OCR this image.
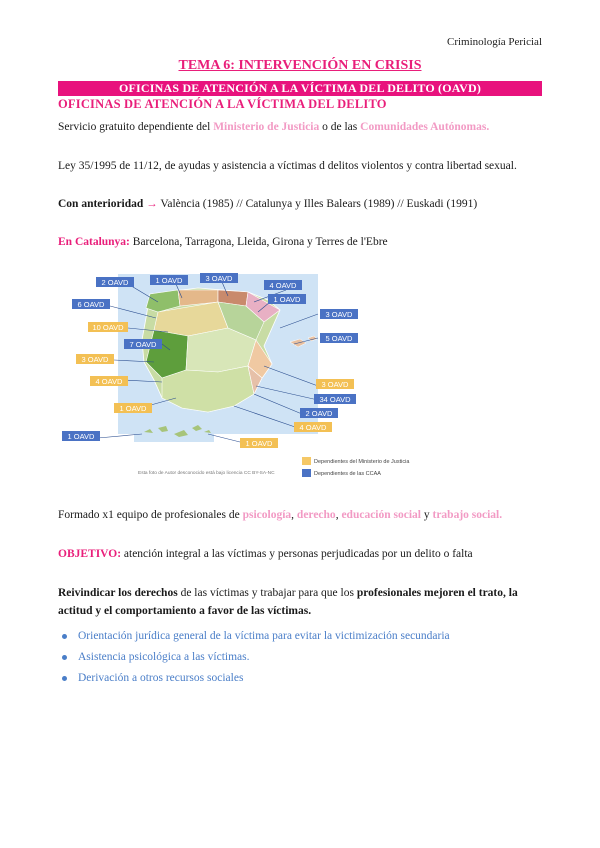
Criminología Pericial
TEMA 6: INTERVENCIÓN EN CRISIS
OFICINAS DE ATENCIÓN A LA VÍCTIMA DEL DELITO (OAVD)
OFICINAS DE ATENCIÓN A LA VÍCTIMA DEL DELITO
Servicio gratuito dependiente del Ministerio de Justicia o de las Comunidades Autónomas.
Ley 35/1995 de 11/12, de ayudas y asistencia a víctimas d delitos violentos y contra libertad sexual.
Con anterioridad → València (1985) // Catalunya y Illes Balears (1989) // Euskadi (1991)
En Catalunya: Barcelona, Tarragona, Lleida, Girona y Terres de l'Ebre
2 OAVD	1 OAVD	3 OAVD
4 OAVD
1 OAVD
6 OAVD
3 OAVD
10 OAVD
5 OAVD
7 OAVD
3 OAVD
4 OAVD	3 OAVD
34 OAVD
1 OAVD
2 OAVD
4 OAVD
1 OAVD
1 OAVD
Dependientes del Ministerio de Justicia
Dependientes de las CCAA
Esta foto de Autor desconocido está bajo licencia CC BY-SA-NC
Formado x1 equipo de profesionales de psicología, derecho, educación social y trabajo social.
OBJETIVO: atención integral a las víctimas y personas perjudicadas por un delito o falta
Reivindicar los derechos de las víctimas y trabajar para que los profesionales mejoren el trato, la actitud y el comportamiento a favor de las víctimas.
Orientación jurídica general de la víctima para evitar la victimización secundaria
Asistencia psicológica a las víctimas.
Derivación a otros recursos sociales
